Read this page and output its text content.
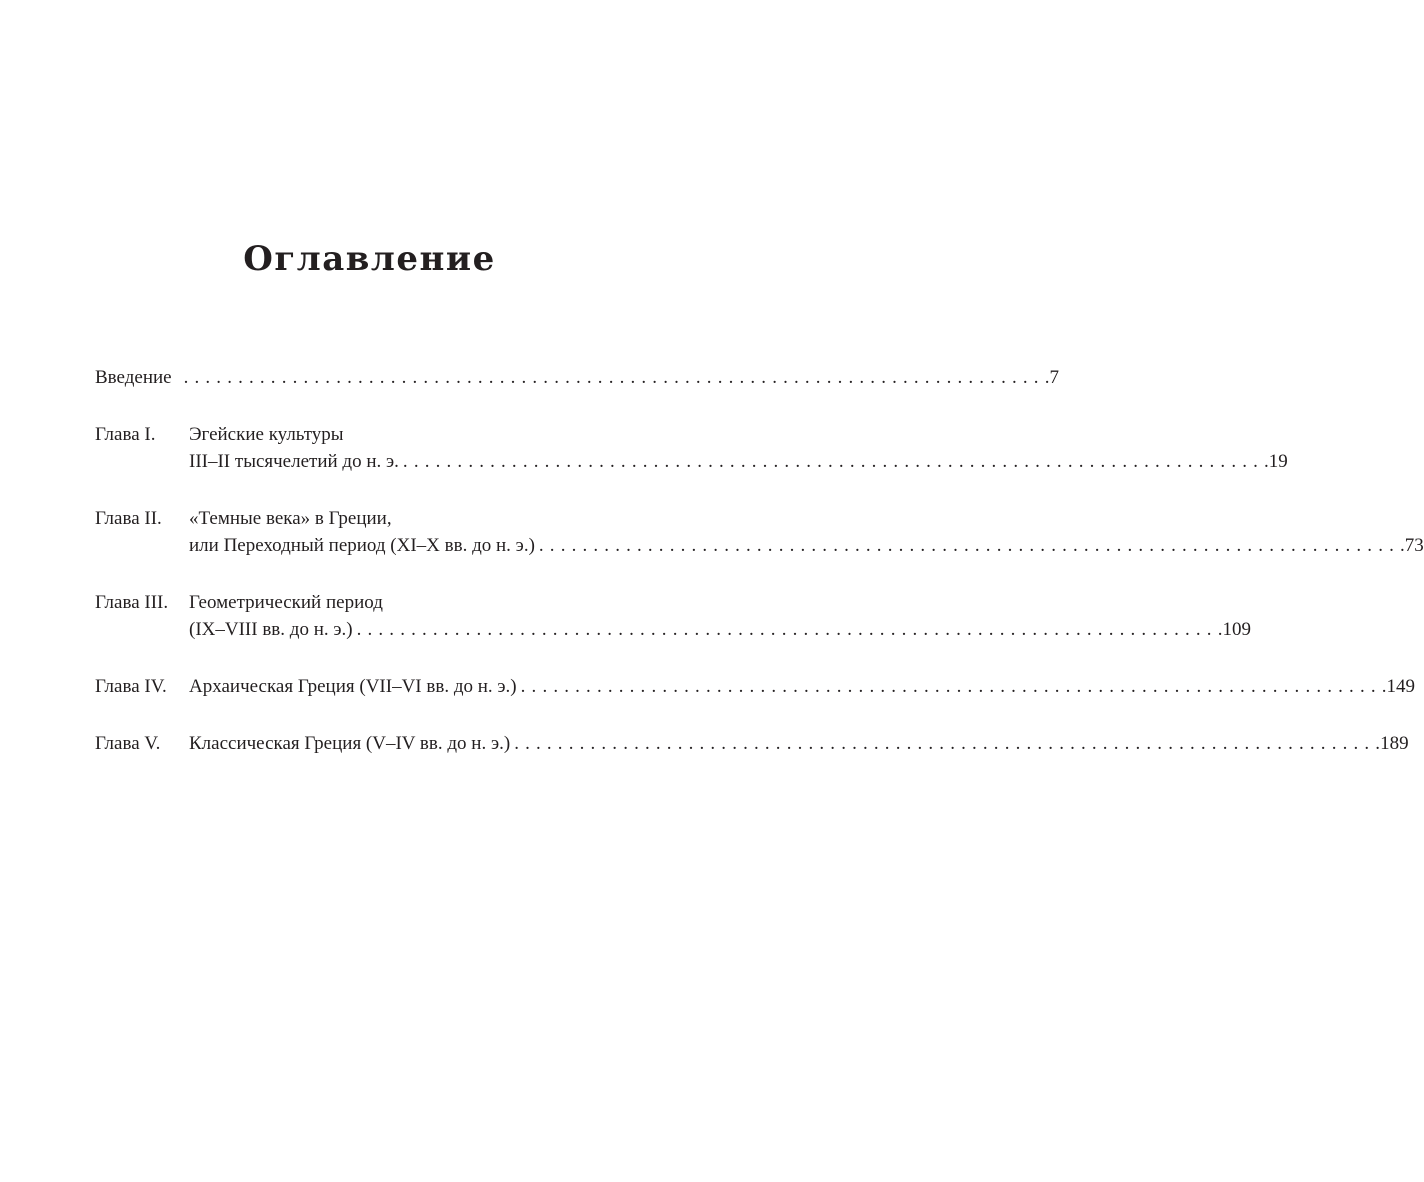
Оглавление
Введение . . .	7
Глава I.	Эгейские культуры
III–II тысячелетий до н. э. . . .	19
Глава II.	«Темные века» в Греции,
или Переходный период (XI–X вв. до н. э.) . . .	73
Глава III.	Геометрический период
(IX–VIII вв. до н. э.) . . .	109
Глава IV.	Архаическая Греция (VII–VI вв. до н. э.) . . .	149
Глава V.	Классическая Греция (V–IV вв. до н. э.) . . .	189
